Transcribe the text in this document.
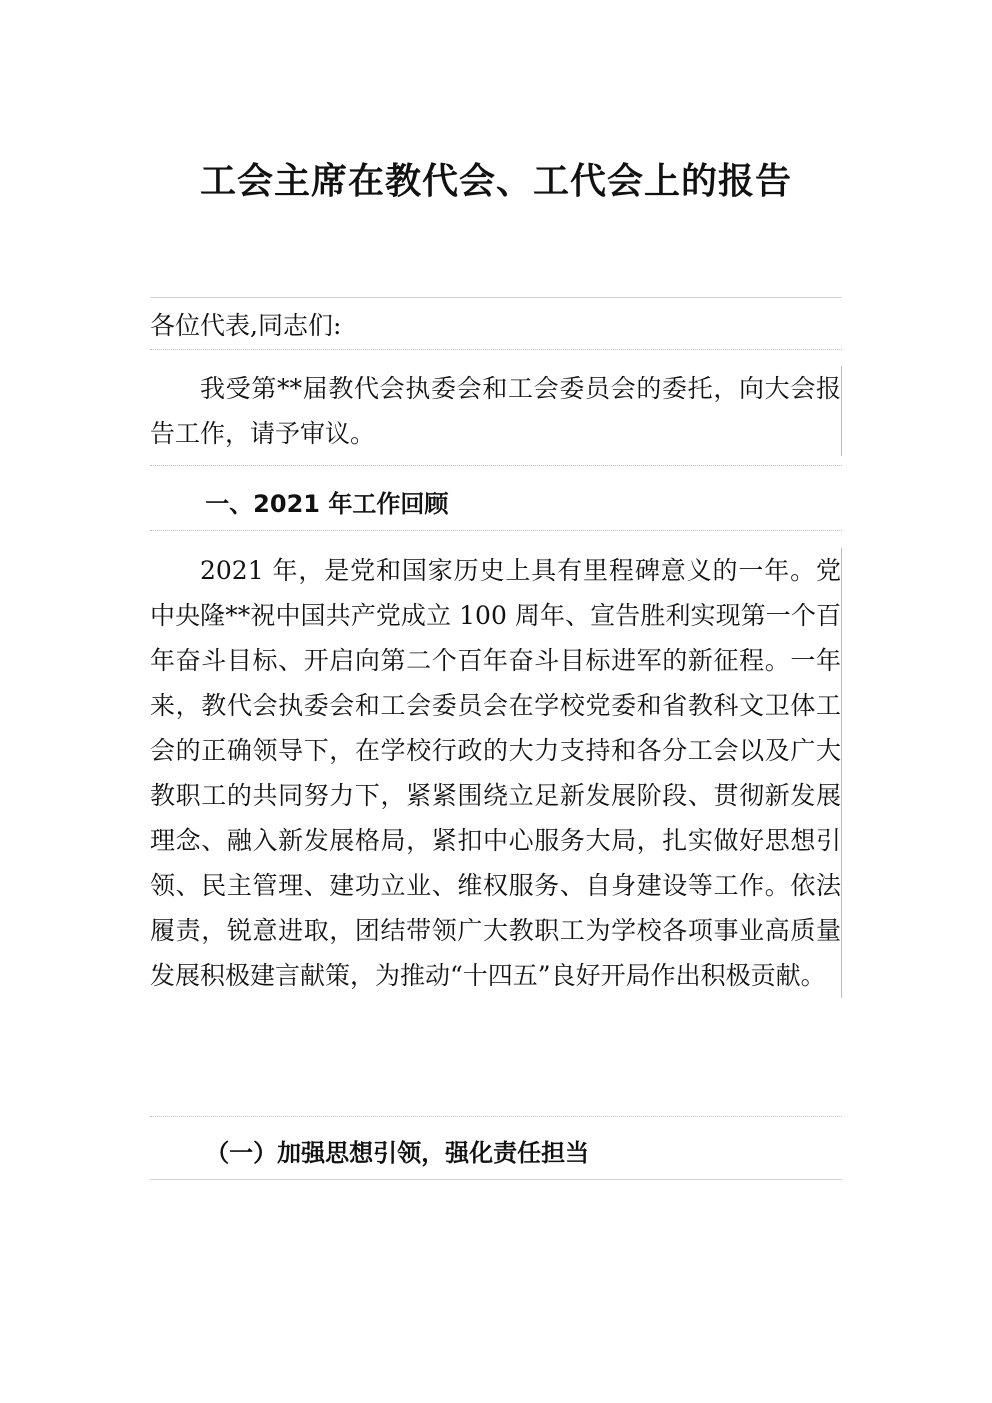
工会主席在教代会、工代会上的报告

各位代表,同志们:

我受第**届教代会执委会和工会委员会的委托，向大会报告工作，请予审议。

一、2021 年工作回顾

2021 年，是党和国家历史上具有里程碑意义的一年。党中央隆**祝中国共产党成立 100 周年、宣告胜利实现第一个百年奋斗目标、开启向第二个百年奋斗目标进军的新征程。一年来，教代会执委会和工会委员会在学校党委和省教科文卫体工会的正确领导下，在学校行政的大力支持和各分工会以及广大教职工的共同努力下，紧紧围绕立足新发展阶段、贯彻新发展理念、融入新发展格局，紧扣中心服务大局，扎实做好思想引领、民主管理、建功立业、维权服务、自身建设等工作。依法履责，锐意进取，团结带领广大教职工为学校各项事业高质量发展积极建言献策，为推动“十四五”良好开局作出积极贡献。

（一）加强思想引领，强化责任担当
